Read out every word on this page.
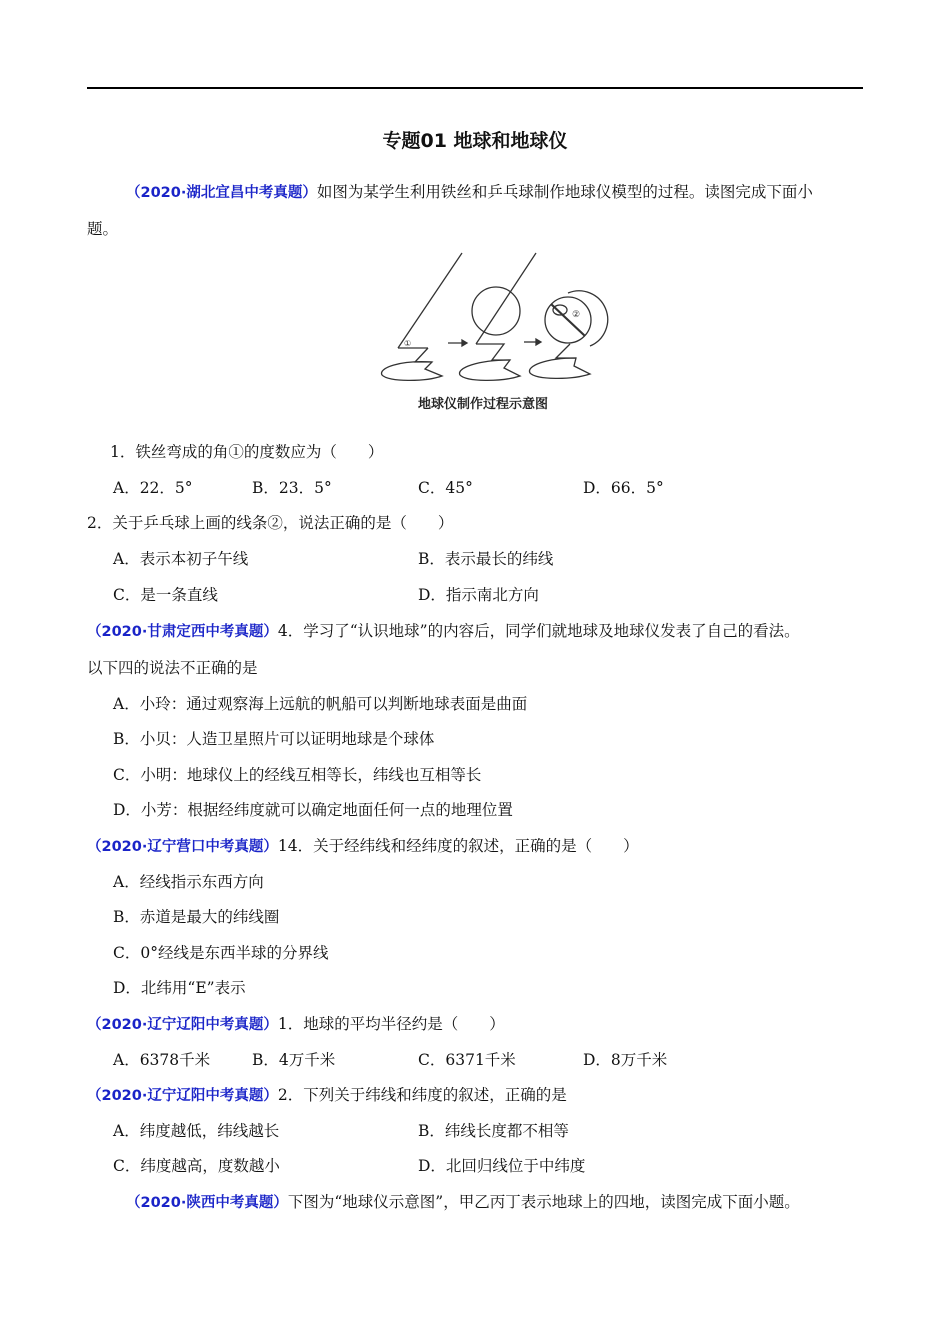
专题01 地球和地球仪
（2020·湖北宜昌中考真题）如图为某学生利用铁丝和乒乓球制作地球仪模型的过程。读图完成下面小
题。
①
②
地球仪制作过程示意图
1．铁丝弯成的角①的度数应为（　　）
A．22．5°	B．23．5°	C．45°	D．66．5°
2．关于乒乓球上画的线条②，说法正确的是（　　）
A．表示本初子午线	B．表示最长的纬线
C．是一条直线	D．指示南北方向
（2020·甘肃定西中考真题）4．学习了“认识地球”的内容后，同学们就地球及地球仪发表了自己的看法。
以下四的说法不正确的是
A．小玲：通过观察海上远航的帆船可以判断地球表面是曲面
B．小贝：人造卫星照片可以证明地球是个球体
C．小明：地球仪上的经线互相等长，纬线也互相等长
D．小芳：根据经纬度就可以确定地面任何一点的地理位置
（2020·辽宁营口中考真题）14．关于经纬线和经纬度的叙述，正确的是（　　）
A．经线指示东西方向
B．赤道是最大的纬线圈
C．0°经线是东西半球的分界线
D．北纬用“E”表示
（2020·辽宁辽阳中考真题）1．地球的平均半径约是（　　）
A．6378千米	B．4万千米	C．6371千米	D．8万千米
（2020·辽宁辽阳中考真题）2．下列关于纬线和纬度的叙述，正确的是
A．纬度越低，纬线越长	B．纬线长度都不相等
C．纬度越高，度数越小	D．北回归线位于中纬度
（2020·陕西中考真题）下图为“地球仪示意图”，甲乙丙丁表示地球上的四地，读图完成下面小题。
